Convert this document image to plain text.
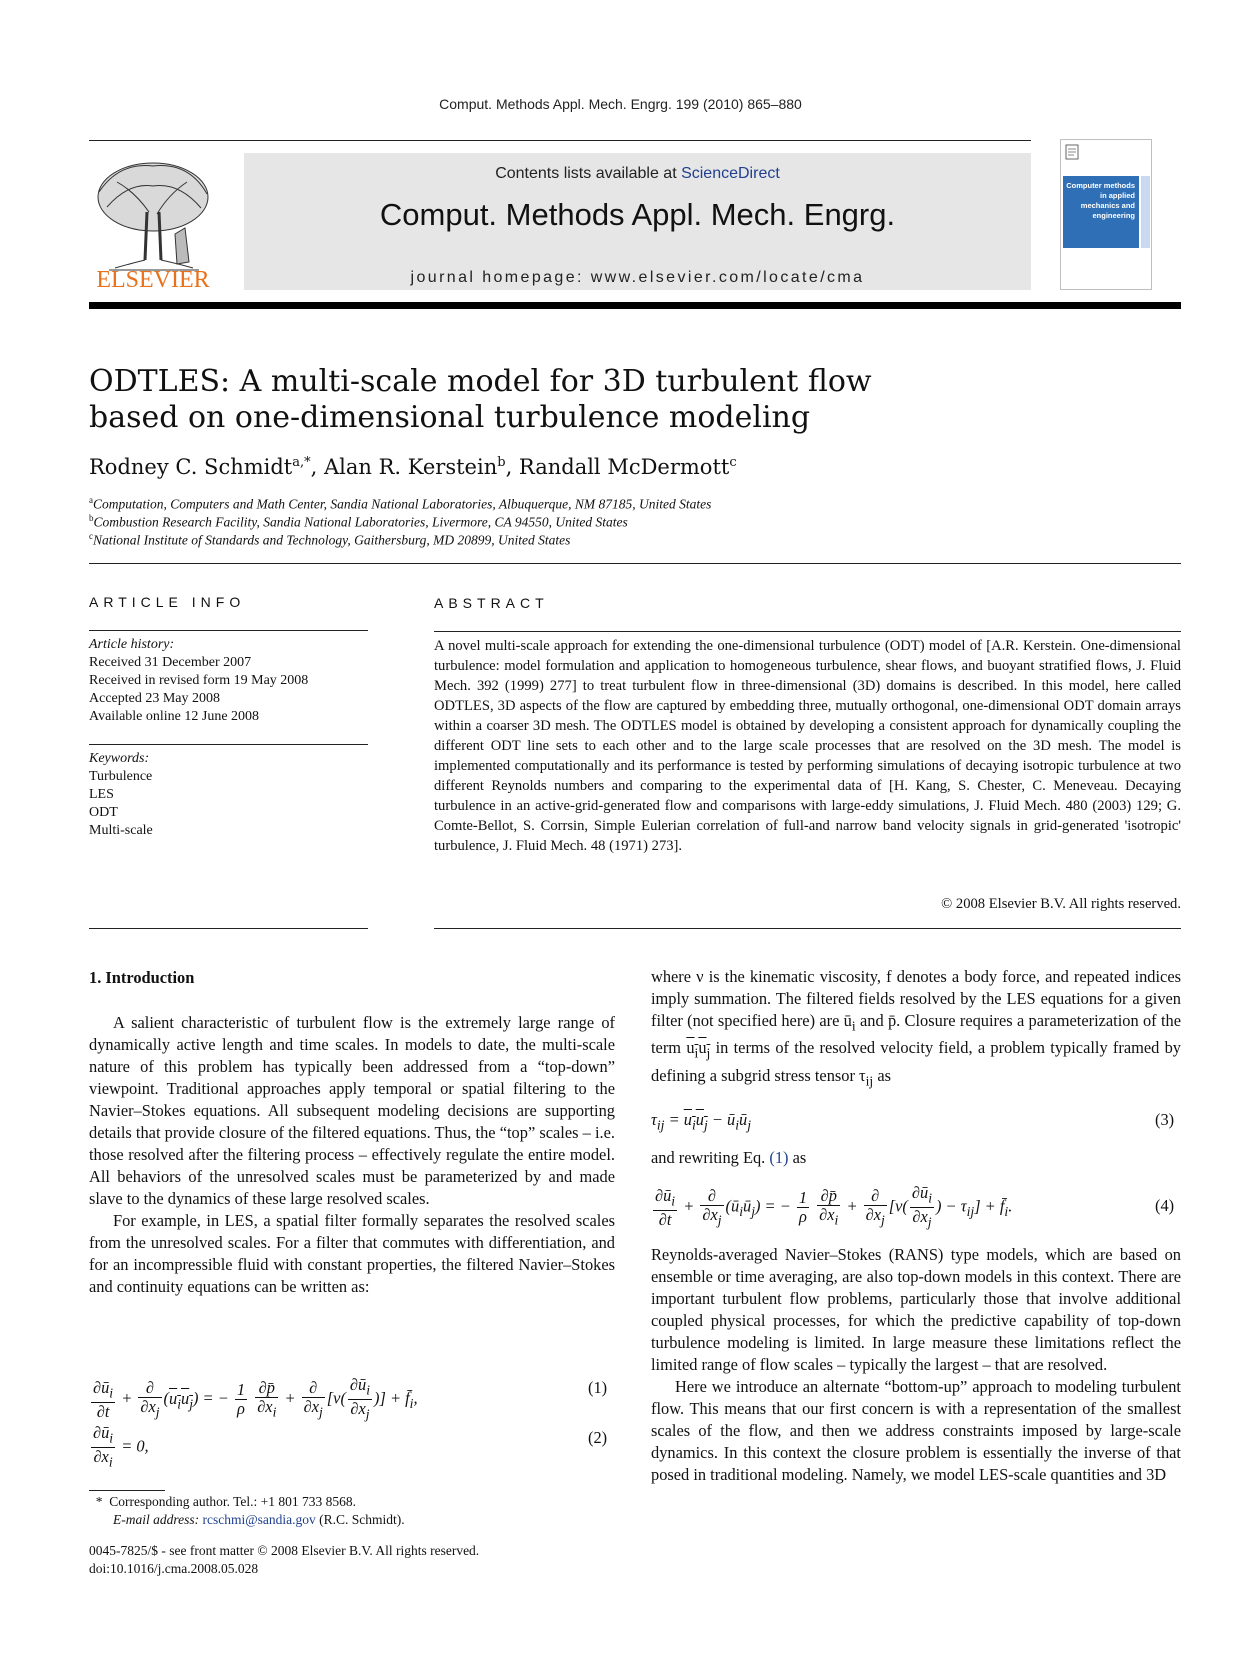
Comput. Methods Appl. Mech. Engrg. 199 (2010) 865–880
ELSEVIER
Contents lists available at ScienceDirect
Comput. Methods Appl. Mech. Engrg.
journal homepage: www.elsevier.com/locate/cma
Computer methods in applied mechanics and engineering
ODTLES: A multi-scale model for 3D turbulent flow
based on one-dimensional turbulence modeling
Rodney C. Schmidt$^{a,*}$, Alan R. Kerstein$^b$, Randall McDermott$^c$
$^a$Computation, Computers and Math Center, Sandia National Laboratories, Albuquerque, NM 87185, United States
$^b$Combustion Research Facility, Sandia National Laboratories, Livermore, CA 94550, United States
$^c$National Institute of Standards and Technology, Gaithersburg, MD 20899, United States
ARTICLE INFO
Article history:
Received 31 December 2007
Received in revised form 19 May 2008
Accepted 23 May 2008
Available online 12 June 2008
Keywords:
Turbulence
LES
ODT
Multi-scale
ABSTRACT
A novel multi-scale approach for extending the one-dimensional turbulence (ODT) model of [A.R. Kerstein. One-dimensional turbulence: model formulation and application to homogeneous turbulence, shear flows, and buoyant stratified flows, J. Fluid Mech. 392 (1999) 277] to treat turbulent flow in three-dimensional (3D) domains is described. In this model, here called ODTLES, 3D aspects of the flow are captured by embedding three, mutually orthogonal, one-dimensional ODT domain arrays within a coarser 3D mesh. The ODTLES model is obtained by developing a consistent approach for dynamically coupling the different ODT line sets to each other and to the large scale processes that are resolved on the 3D mesh. The model is implemented computationally and its performance is tested by performing simulations of decaying isotropic turbulence at two different Reynolds numbers and comparing to the experimental data of [H. Kang, S. Chester, C. Meneveau. Decaying turbulence in an active-grid-generated flow and comparisons with large-eddy simulations, J. Fluid Mech. 480 (2003) 129; G. Comte-Bellot, S. Corrsin, Simple Eulerian correlation of full-and narrow band velocity signals in grid-generated 'isotropic' turbulence, J. Fluid Mech. 48 (1971) 273].
© 2008 Elsevier B.V. All rights reserved.
1. Introduction

A salient characteristic of turbulent flow is the extremely large range of dynamically active length and time scales. In models to date, the multi-scale nature of this problem has typically been addressed from a “top-down” viewpoint. Traditional approaches apply temporal or spatial filtering to the Navier–Stokes equations. All subsequent modeling decisions are supporting details that provide closure of the filtered equations. Thus, the “top” scales – i.e. those resolved after the filtering process – effectively regulate the entire model. All behaviors of the unresolved scales must be parameterized by and made slave to the dynamics of these large resolved scales.

For example, in LES, a spatial filter formally separates the resolved scales from the unresolved scales. For a filter that commutes with differentiation, and for an incompressible fluid with constant properties, the filtered Navier–Stokes and continuity equations can be written as:

$\frac{\partial ū_i}{\partial t} + \frac{\partial}{\partial x_j} (u_iu_j)$ = − $\frac{1}{\rho}$
$\frac{\partial p̄}{\partial x_i} + \frac{\partial}{\partial x_j} [\nu( \frac{\partial ū_i}{\partial x_j}$ )] + $f̄_i$,
(1)
$\frac{\partial ū_i}{\partial x_i} = 0$,	(2)
* Corresponding author. Tel.: +1 801 733 8568.
E-mail address: rcschmi@sandia.gov (R.C. Schmidt).
0045-7825/$ - see front matter © 2008 Elsevier B.V. All rights reserved.
doi:10.1016/j.cma.2008.05.028

where ν is the kinematic viscosity, f denotes a body force, and repeated indices imply summation. The filtered fields resolved by the LES equations for a given filter (not specified here) are $ū_i$ and p̄. Closure requires a parameterization of the term $u_iu_j$ in terms of the resolved velocity field, a problem typically framed by defining a subgrid stress tensor $\tau_{ij}$ as

$\tau_{ij} = u_iu_j$ − $ū_iū_j$	(3)
and rewriting Eq. (1) as
$\frac{\partial ū_i}{\partial t} + \frac{\partial}{\partial x_j}$ $(ū_iū_j)$ = − $\frac{1}{\rho}$
$\frac{\partial p̄}{\partial x_i} + \frac{\partial}{\partial x_j} [\nu( \frac{\partial ū_i}{\partial x_j}$ ) − $\tau_{ij}$] + $f̄_i$.	(4)

Reynolds-averaged Navier–Stokes (RANS) type models, which are based on ensemble or time averaging, are also top-down models in this context. There are important turbulent flow problems, particularly those that involve additional coupled physical processes, for which the predictive capability of top-down turbulence modeling is limited. In large measure these limitations reflect the limited range of flow scales – typically the largest – that are resolved.

Here we introduce an alternate “bottom-up” approach to modeling turbulent flow. This means that our first concern is with a representation of the smallest scales of the flow, and then we address constraints imposed by large-scale dynamics. In this context the closure problem is essentially the inverse of that posed in traditional modeling. Namely, we model LES-scale quantities and 3D
